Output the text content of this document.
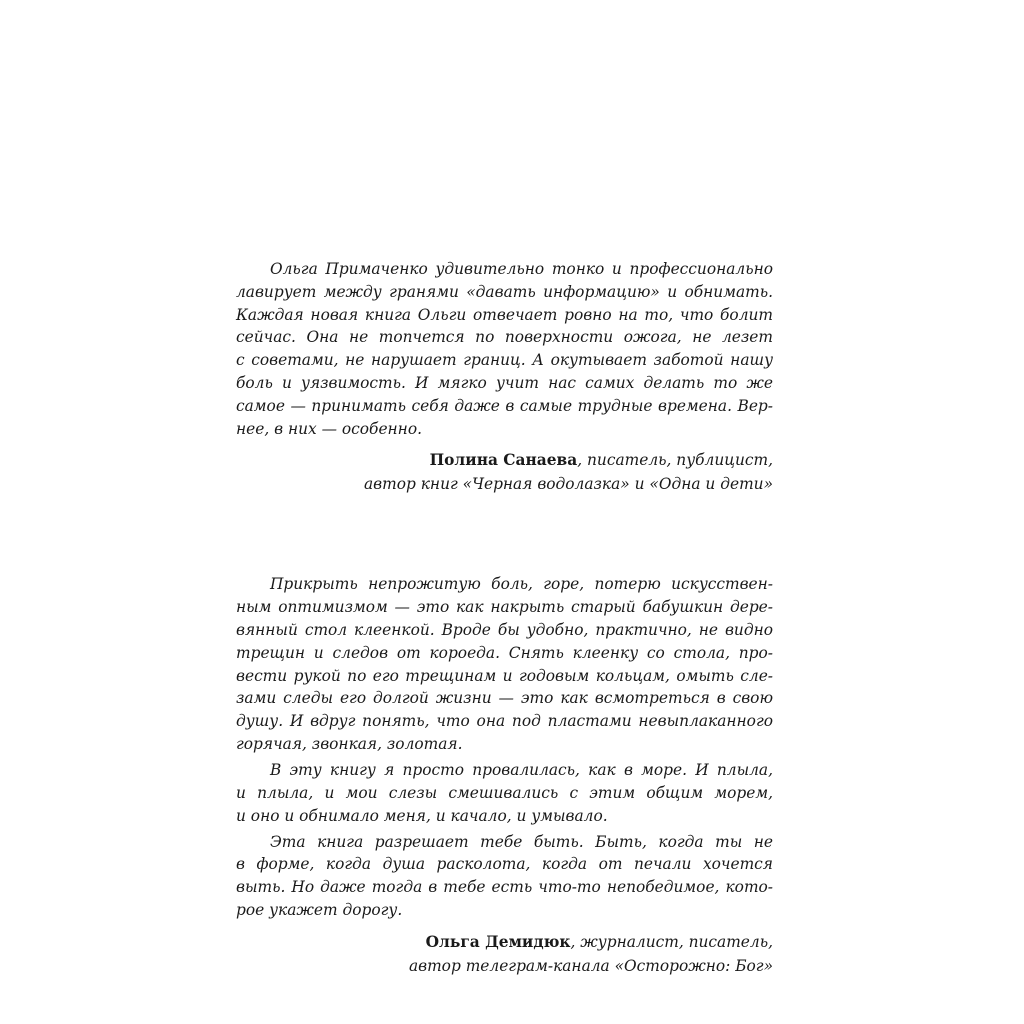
Ольга Примаченко удивительно тонко и профессионально
лавирует между гранями «давать информацию» и обнимать.
Каждая новая книга Ольги отвечает ровно на то, что болит
сейчас. Она не топчется по поверхности ожога, не лезет
с советами, не нарушает границ. А окутывает заботой нашу
боль и уязвимость. И мягко учит нас самих делать то же
самое — принимать себя даже в самые трудные времена. Вер-
нее, в них — особенно.
Полина Санаева, писатель, публицист,
автор книг «Черная водолазка» и «Одна и дети»
Прикрыть непрожитую боль, горе, потерю искусствен-
ным оптимизмом — это как накрыть старый бабушкин дере-
вянный стол клеенкой. Вроде бы удобно, практично, не видно
трещин и следов от короеда. Снять клеенку со стола, про-
вести рукой по его трещинам и годовым кольцам, омыть сле-
зами следы его долгой жизни — это как всмотреться в свою
душу. И вдруг понять, что она под пластами невыплаканного
горячая, звонкая, золотая.
В эту книгу я просто провалилась, как в море. И плыла,
и плыла, и мои слезы смешивались с этим общим морем,
и оно и обнимало меня, и качало, и умывало.
Эта книга разрешает тебе быть. Быть, когда ты не
в форме, когда душа расколота, когда от печали хочется
выть. Но даже тогда в тебе есть что-то непобедимое, кото-
рое укажет дорогу.
Ольга Демидюк, журналист, писатель,
автор телеграм-канала «Осторожно: Бог»
